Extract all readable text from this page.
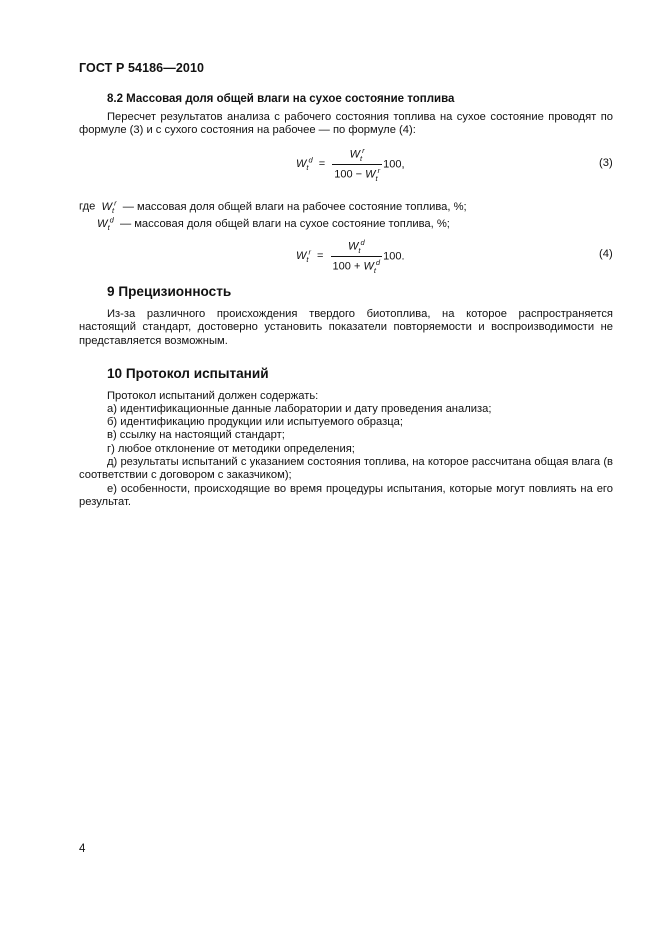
ГОСТ Р 54186—2010
8.2 Массовая доля общей влаги на сухое состояние топлива
Пересчет результатов анализа с рабочего состояния топлива на сухое состояние проводят по формуле (3) и с сухого состояния на рабочее — по формуле (4):
$W_t^d = \frac{W_t^r}{100 - W_t^r} 100$,	(3)
где $W_t^r$ — массовая доля общей влаги на рабочее состояние топлива, %;
$W_t^d$ — массовая доля общей влаги на сухое состояние топлива, %;
$W_t^r = \frac{W_t^d}{100 + W_t^d} 100$.	(4)
9 Прецизионность
Из-за различного происхождения твердого биотоплива, на которое распространяется настоящий стандарт, достоверно установить показатели повторяемости и воспроизводимости не представляется возможным.
10 Протокол испытаний
Протокол испытаний должен содержать:
а) идентификационные данные лаборатории и дату проведения анализа;
б) идентификацию продукции или испытуемого образца;
в) ссылку на настоящий стандарт;
г) любое отклонение от методики определения;
д) результаты испытаний с указанием состояния топлива, на которое рассчитана общая влага (в соответствии с договором с заказчиком);
е) особенности, происходящие во время процедуры испытания, которые могут повлиять на его результат.
4
